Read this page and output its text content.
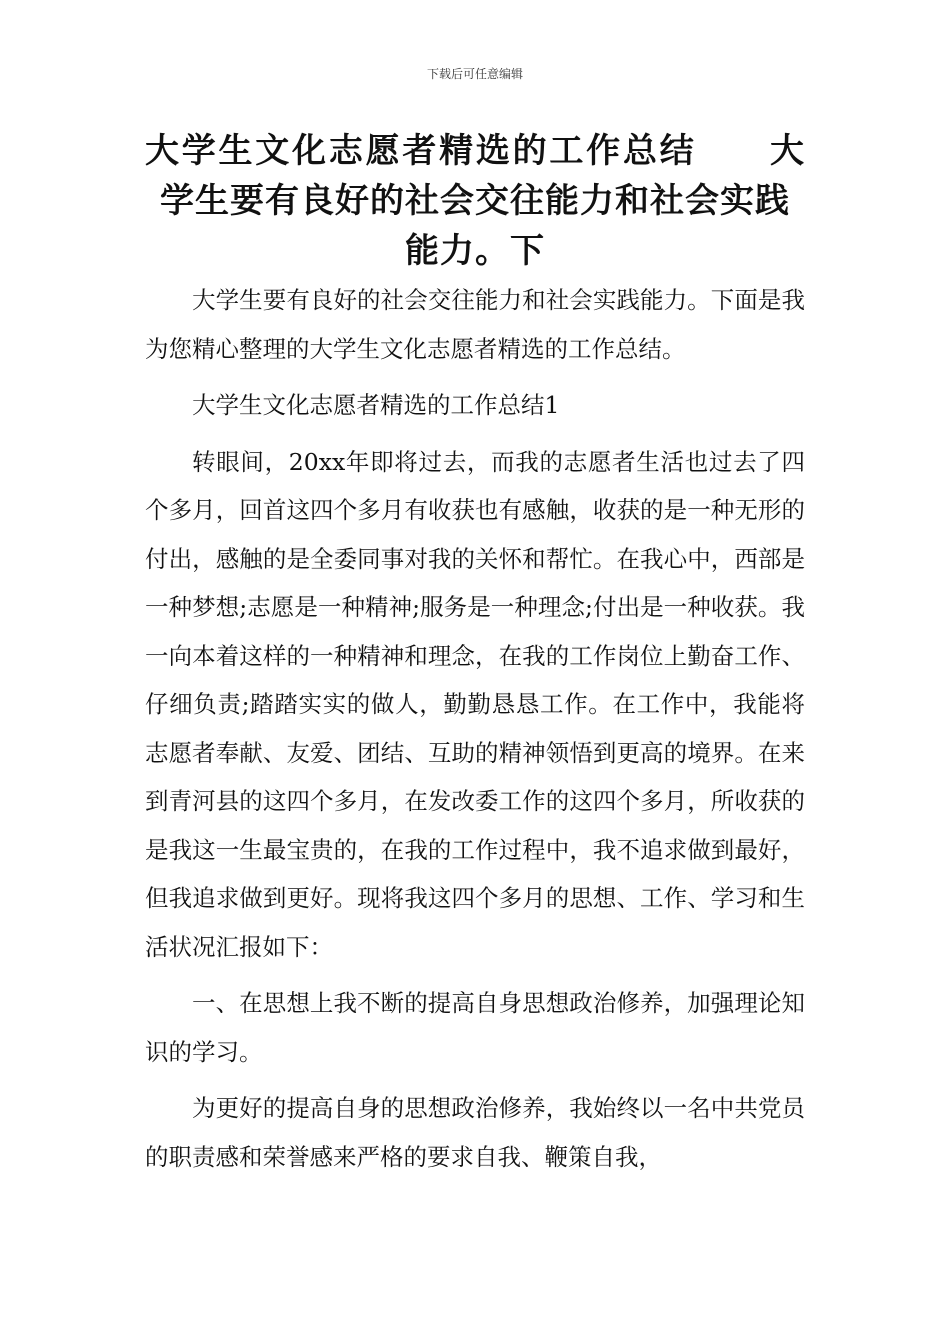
下载后可任意编辑
大学生文化志愿者精选的工作总结　　大
学生要有良好的社会交往能力和社会实践
能力。下

大学生要有良好的社会交往能力和社会实践能力。下面是我为您精心整理的大学生文化志愿者精选的工作总结。

大学生文化志愿者精选的工作总结1

转眼间，20xx年即将过去，而我的志愿者生活也过去了四个多月，回首这四个多月有收获也有感触，收获的是一种无形的付出，感触的是全委同事对我的关怀和帮忙。在我心中，西部是一种梦想;志愿是一种精神;服务是一种理念;付出是一种收获。我一向本着这样的一种精神和理念，在我的工作岗位上勤奋工作、仔细负责;踏踏实实的做人，勤勤恳恳工作。在工作中，我能将志愿者奉献、友爱、团结、互助的精神领悟到更高的境界。在来到青河县的这四个多月，在发改委工作的这四个多月，所收获的是我这一生最宝贵的，在我的工作过程中，我不追求做到最好，但我追求做到更好。现将我这四个多月的思想、工作、学习和生活状况汇报如下：

一、在思想上我不断的提高自身思想政治修养，加强理论知识的学习。

为更好的提高自身的思想政治修养，我始终以一名中共党员的职责感和荣誉感来严格的要求自我、鞭策自我，
